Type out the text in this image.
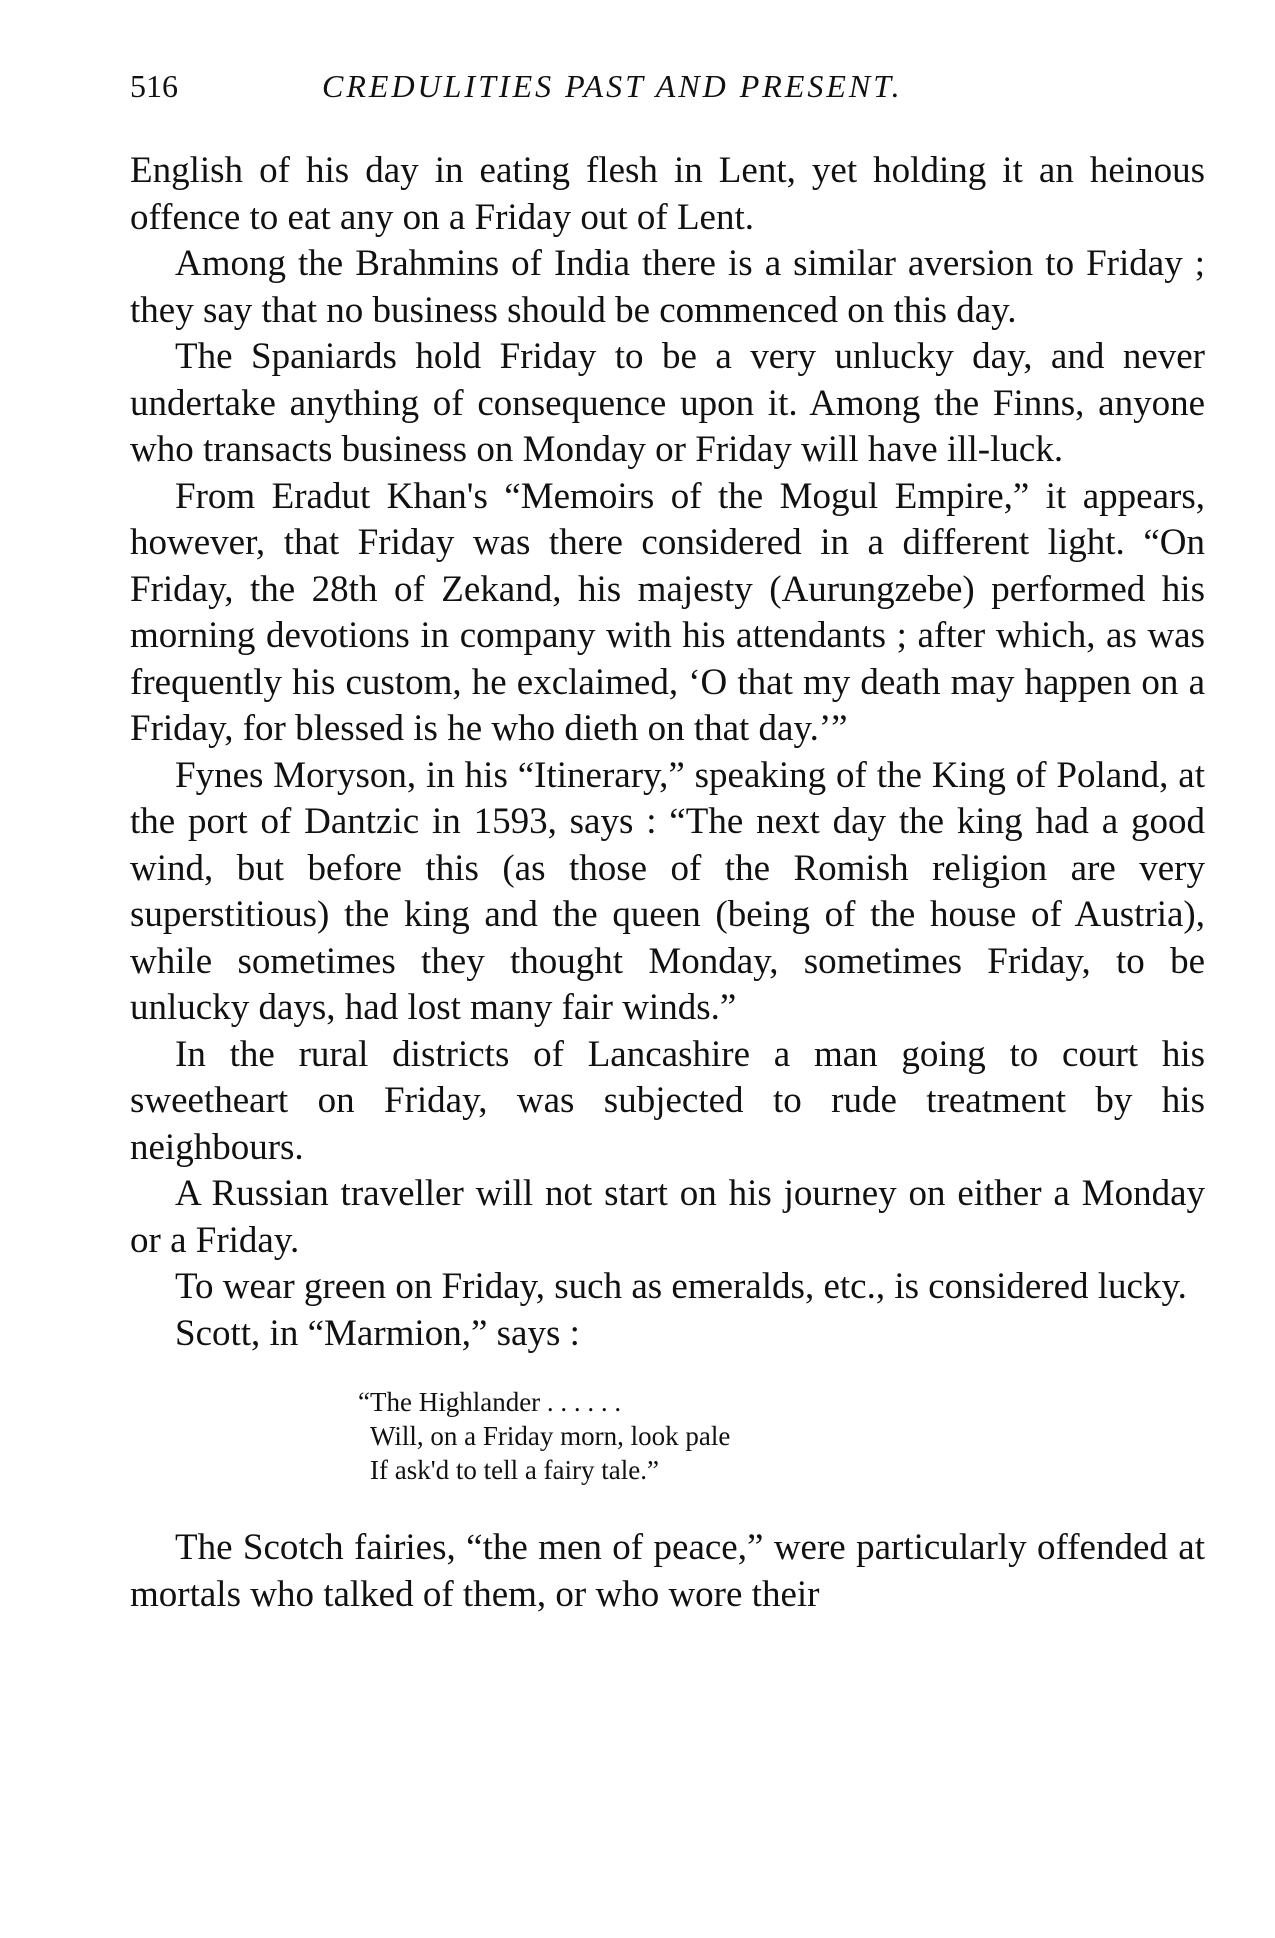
516	CREDULITIES PAST AND PRESENT.

English of his day in eating flesh in Lent, yet holding it an heinous offence to eat any on a Friday out of Lent.

Among the Brahmins of India there is a similar aversion to Friday ; they say that no business should be commenced on this day.

The Spaniards hold Friday to be a very unlucky day, and never undertake anything of consequence upon it. Among the Finns, anyone who transacts business on Monday or Friday will have ill-luck.

From Eradut Khan's “Memoirs of the Mogul Empire,” it appears, however, that Friday was there considered in a different light. “On Friday, the 28th of Zekand, his majesty (Aurungzebe) performed his morning devotions in company with his attendants ; after which, as was frequently his custom, he exclaimed, ‘O that my death may happen on a Friday, for blessed is he who dieth on that day.’”

Fynes Moryson, in his “Itinerary,” speaking of the King of Poland, at the port of Dantzic in 1593, says : “The next day the king had a good wind, but before this (as those of the Romish religion are very superstitious) the king and the queen (being of the house of Austria), while sometimes they thought Monday, sometimes Friday, to be unlucky days, had lost many fair winds.”

In the rural districts of Lancashire a man going to court his sweetheart on Friday, was subjected to rude treatment by his neighbours.

A Russian traveller will not start on his journey on either a Monday or a Friday.

To wear green on Friday, such as emeralds, etc., is considered lucky.

Scott, in “Marmion,” says :

“The Highlander . . . . . .
Will, on a Friday morn, look pale
If ask'd to tell a fairy tale.”

The Scotch fairies, “the men of peace,” were particularly offended at mortals who talked of them, or who wore their
